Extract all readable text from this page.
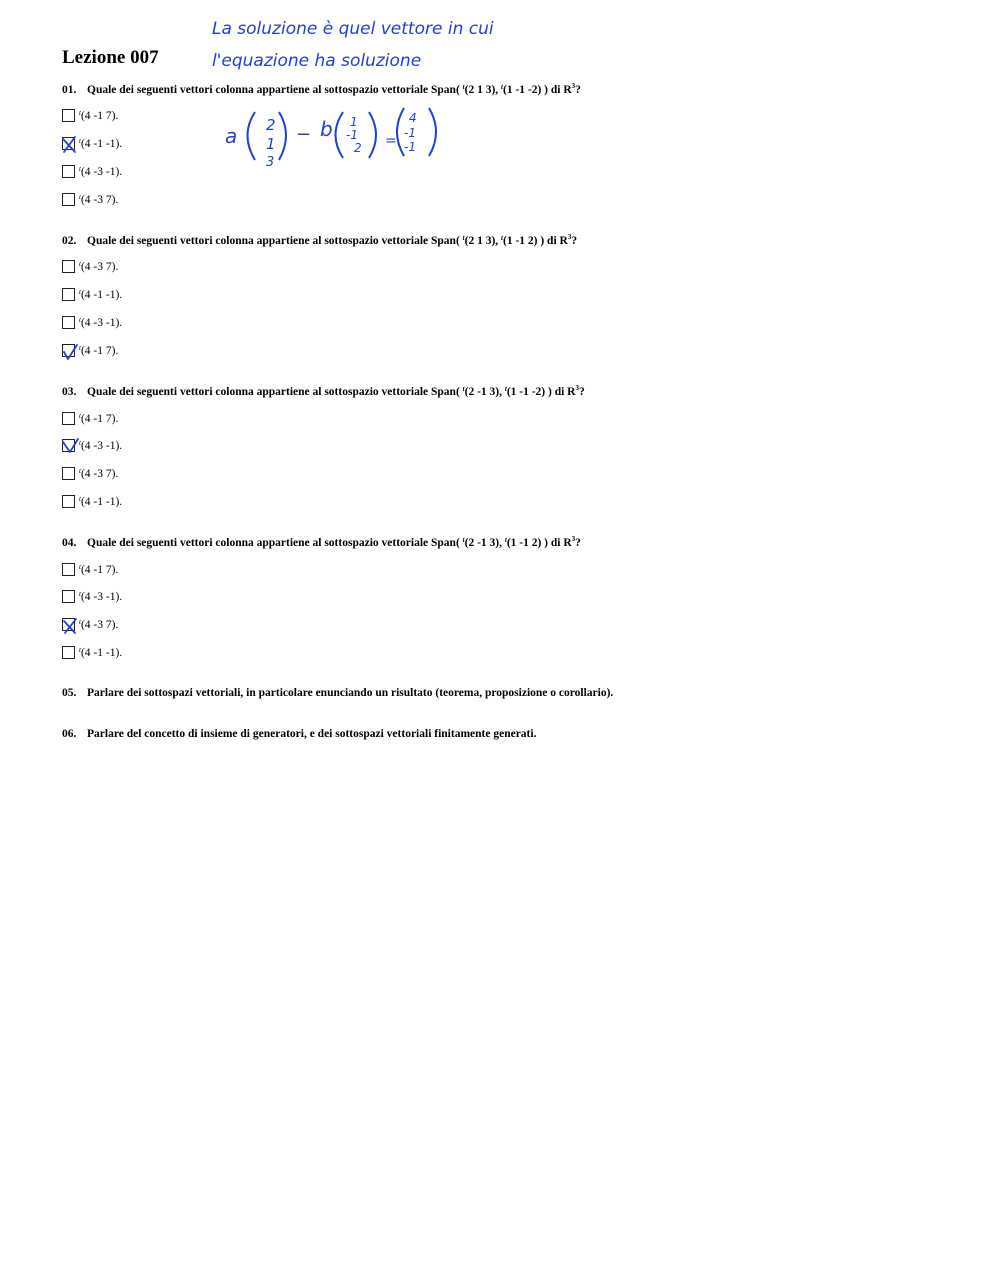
Lezione 007
01. Quale dei seguenti vettori colonna appartiene al sottospazio vettoriale Span( $^t$(2 1 3), $^t$(1 -1 -2) ) di $R^3$?
$^t$(4 -1 7).
$^t$(4 -1 -1).
$^t$(4 -3 -1).
$^t$(4 -3 7).
02. Quale dei seguenti vettori colonna appartiene al sottospazio vettoriale Span( $^t$(2 1 3), $^t$(1 -1 2) ) di $R^3$?
$^t$(4 -3 7).
$^t$(4 -1 -1).
$^t$(4 -3 -1).
$^t$(4 -1 7).
03. Quale dei seguenti vettori colonna appartiene al sottospazio vettoriale Span( $^t$(2 -1 3), $^t$(1 -1 -2) ) di $R^3$?
$^t$(4 -1 7).
$^t$(4 -3 -1).
$^t$(4 -3 7).
$^t$(4 -1 -1).
04. Quale dei seguenti vettori colonna appartiene al sottospazio vettoriale Span( $^t$(2 -1 3), $^t$(1 -1 2) ) di $R^3$?
$^t$(4 -1 7).
$^t$(4 -3 -1).
$^t$(4 -3 7).
$^t$(4 -1 -1).
05. Parlare dei sottospazi vettoriali, in particolare enunciando un risultato (teorema, proposizione o corollario).
06. Parlare del concetto di insieme di generatori, e dei sottospazi vettoriali finitamente generati.
La soluzione è quel vettore in cui
l'equazione ha soluzione
a 2
1
3
− b 1
-1
2 =
4
-1
-1
